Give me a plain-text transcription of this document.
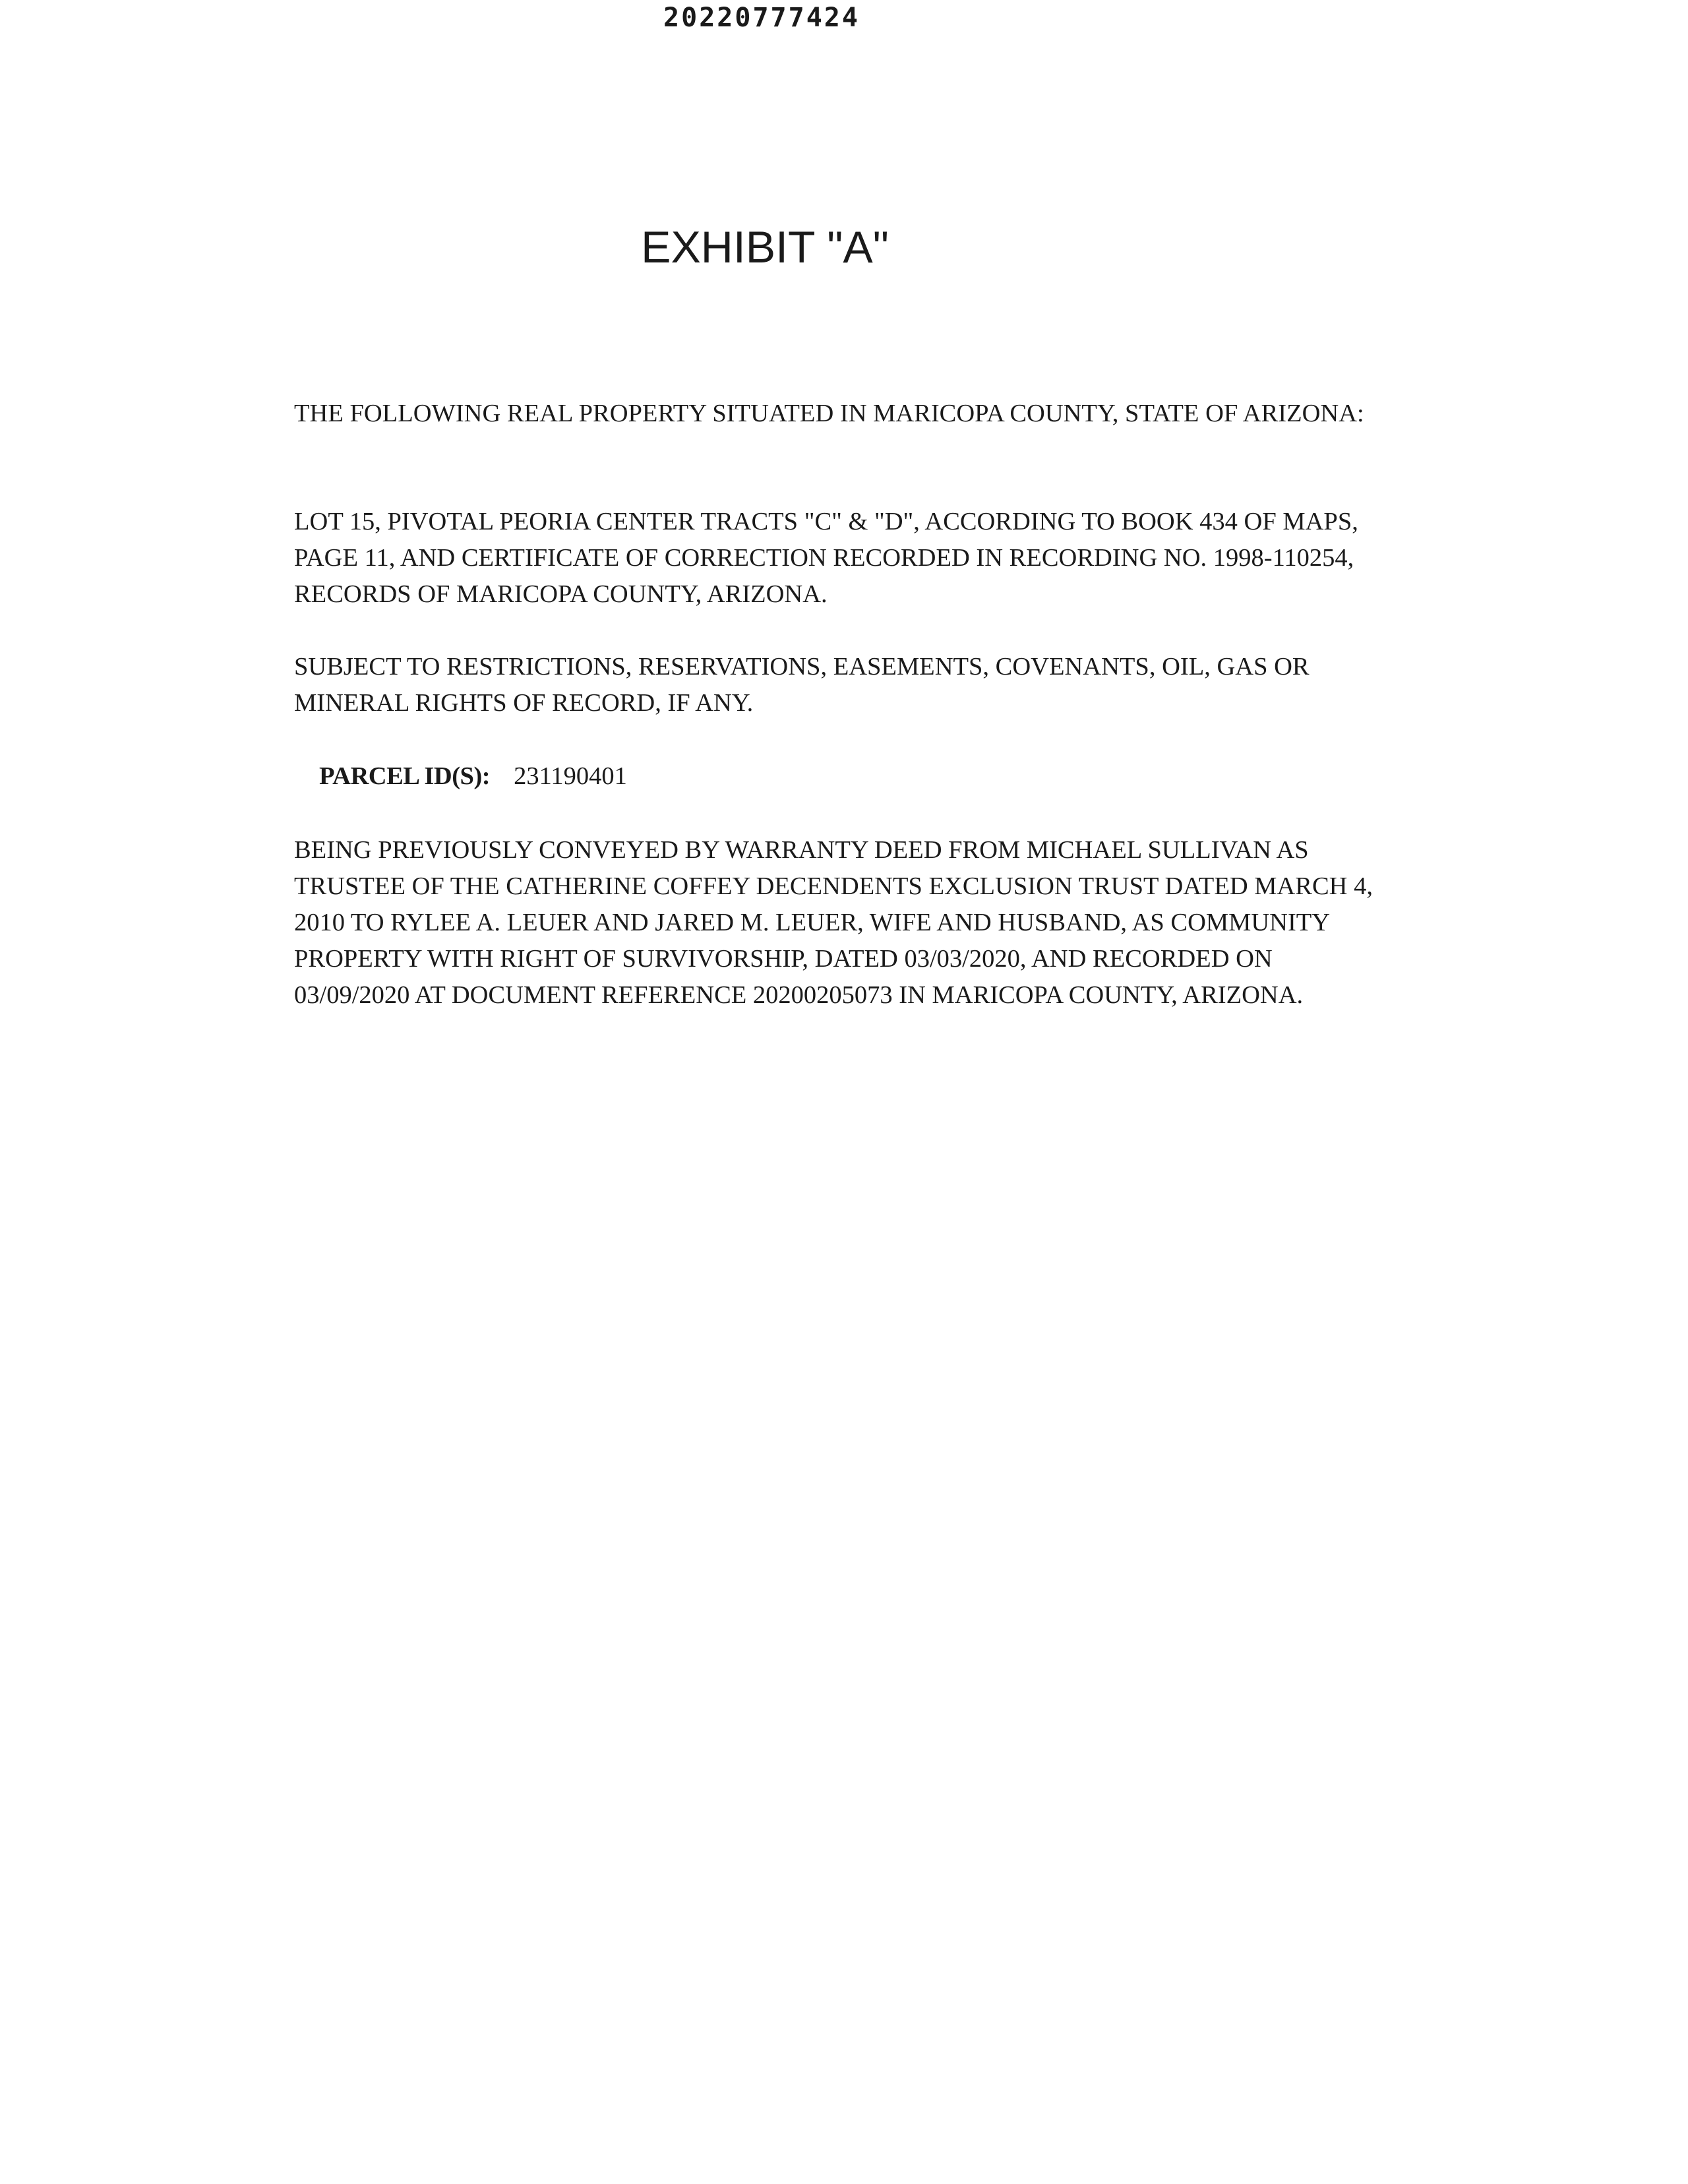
20220777424
EXHIBIT "A"

THE FOLLOWING REAL PROPERTY SITUATED IN MARICOPA COUNTY, STATE OF ARIZONA:

LOT 15, PIVOTAL PEORIA CENTER TRACTS "C" & "D", ACCORDING TO BOOK 434 OF MAPS, PAGE 11, AND CERTIFICATE OF CORRECTION RECORDED IN RECORDING NO. 1998-110254, RECORDS OF MARICOPA COUNTY, ARIZONA.

SUBJECT TO RESTRICTIONS, RESERVATIONS, EASEMENTS, COVENANTS, OIL, GAS OR MINERAL RIGHTS OF RECORD, IF ANY.

PARCEL ID(S): 231190401

BEING PREVIOUSLY CONVEYED BY WARRANTY DEED FROM MICHAEL SULLIVAN AS TRUSTEE OF THE CATHERINE COFFEY DECENDENTS EXCLUSION TRUST DATED MARCH 4, 2010 TO RYLEE A. LEUER AND JARED M. LEUER, WIFE AND HUSBAND, AS COMMUNITY PROPERTY WITH RIGHT OF SURVIVORSHIP, DATED 03/03/2020, AND RECORDED ON 03/09/2020 AT DOCUMENT REFERENCE 20200205073 IN MARICOPA COUNTY, ARIZONA.
